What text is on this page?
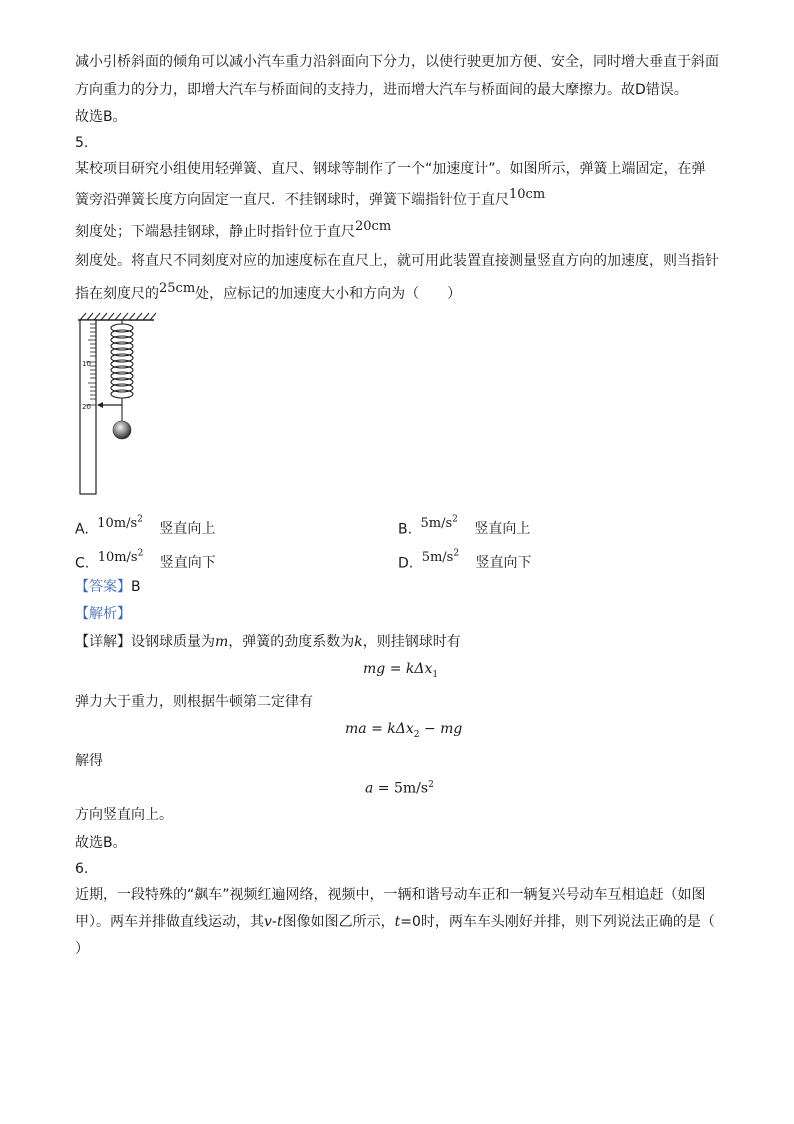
减小引桥斜面的倾角可以减小汽车重力沿斜面向下分力，以使行驶更加方便、安全，同时增大垂直于斜面
方向重力的分力，即增大汽车与桥面间的支持力，进而增大汽车与桥面间的最大摩擦力。故D错误。
故选B。
5.
某校项目研究小组使用轻弹簧、直尺、钢球等制作了一个“加速度计”。如图所示，弹簧上端固定，在弹
簧旁沿弹簧长度方向固定一直尺．不挂钢球时，弹簧下端指针位于直尺10cm
刻度处；下端悬挂钢球，静止时指针位于直尺20cm
刻度处。将直尺不同刻度对应的加速度标在直尺上，就可用此装置直接测量竖直方向的加速度，则当指针
指在刻度尺的25cm处，应标记的加速度大小和方向为（　　）
10
20
A. $10m/s^2$ 竖直向上	B. $5m/s^2$ 竖直向上
C. $10m/s^2$ 竖直向下	D. $5m/s^2$ 竖直向下
【答案】B
【解析】
【详解】设钢球质量为m，弹簧的劲度系数为k，则挂钢球时有
mg = kΔx$_1$
弹力大于重力，则根据牛顿第二定律有
ma = kΔx$_2$ − mg
解得
$a = 5m/s^2$
方向竖直向上。
故选B。
6.
近期，一段特殊的“飙车”视频红遍网络，视频中，一辆和谐号动车正和一辆复兴号动车互相追赶（如图
甲）。两车并排做直线运动，其v-t图像如图乙所示，t=0时，两车车头刚好并排，则下列说法正确的是（
）
